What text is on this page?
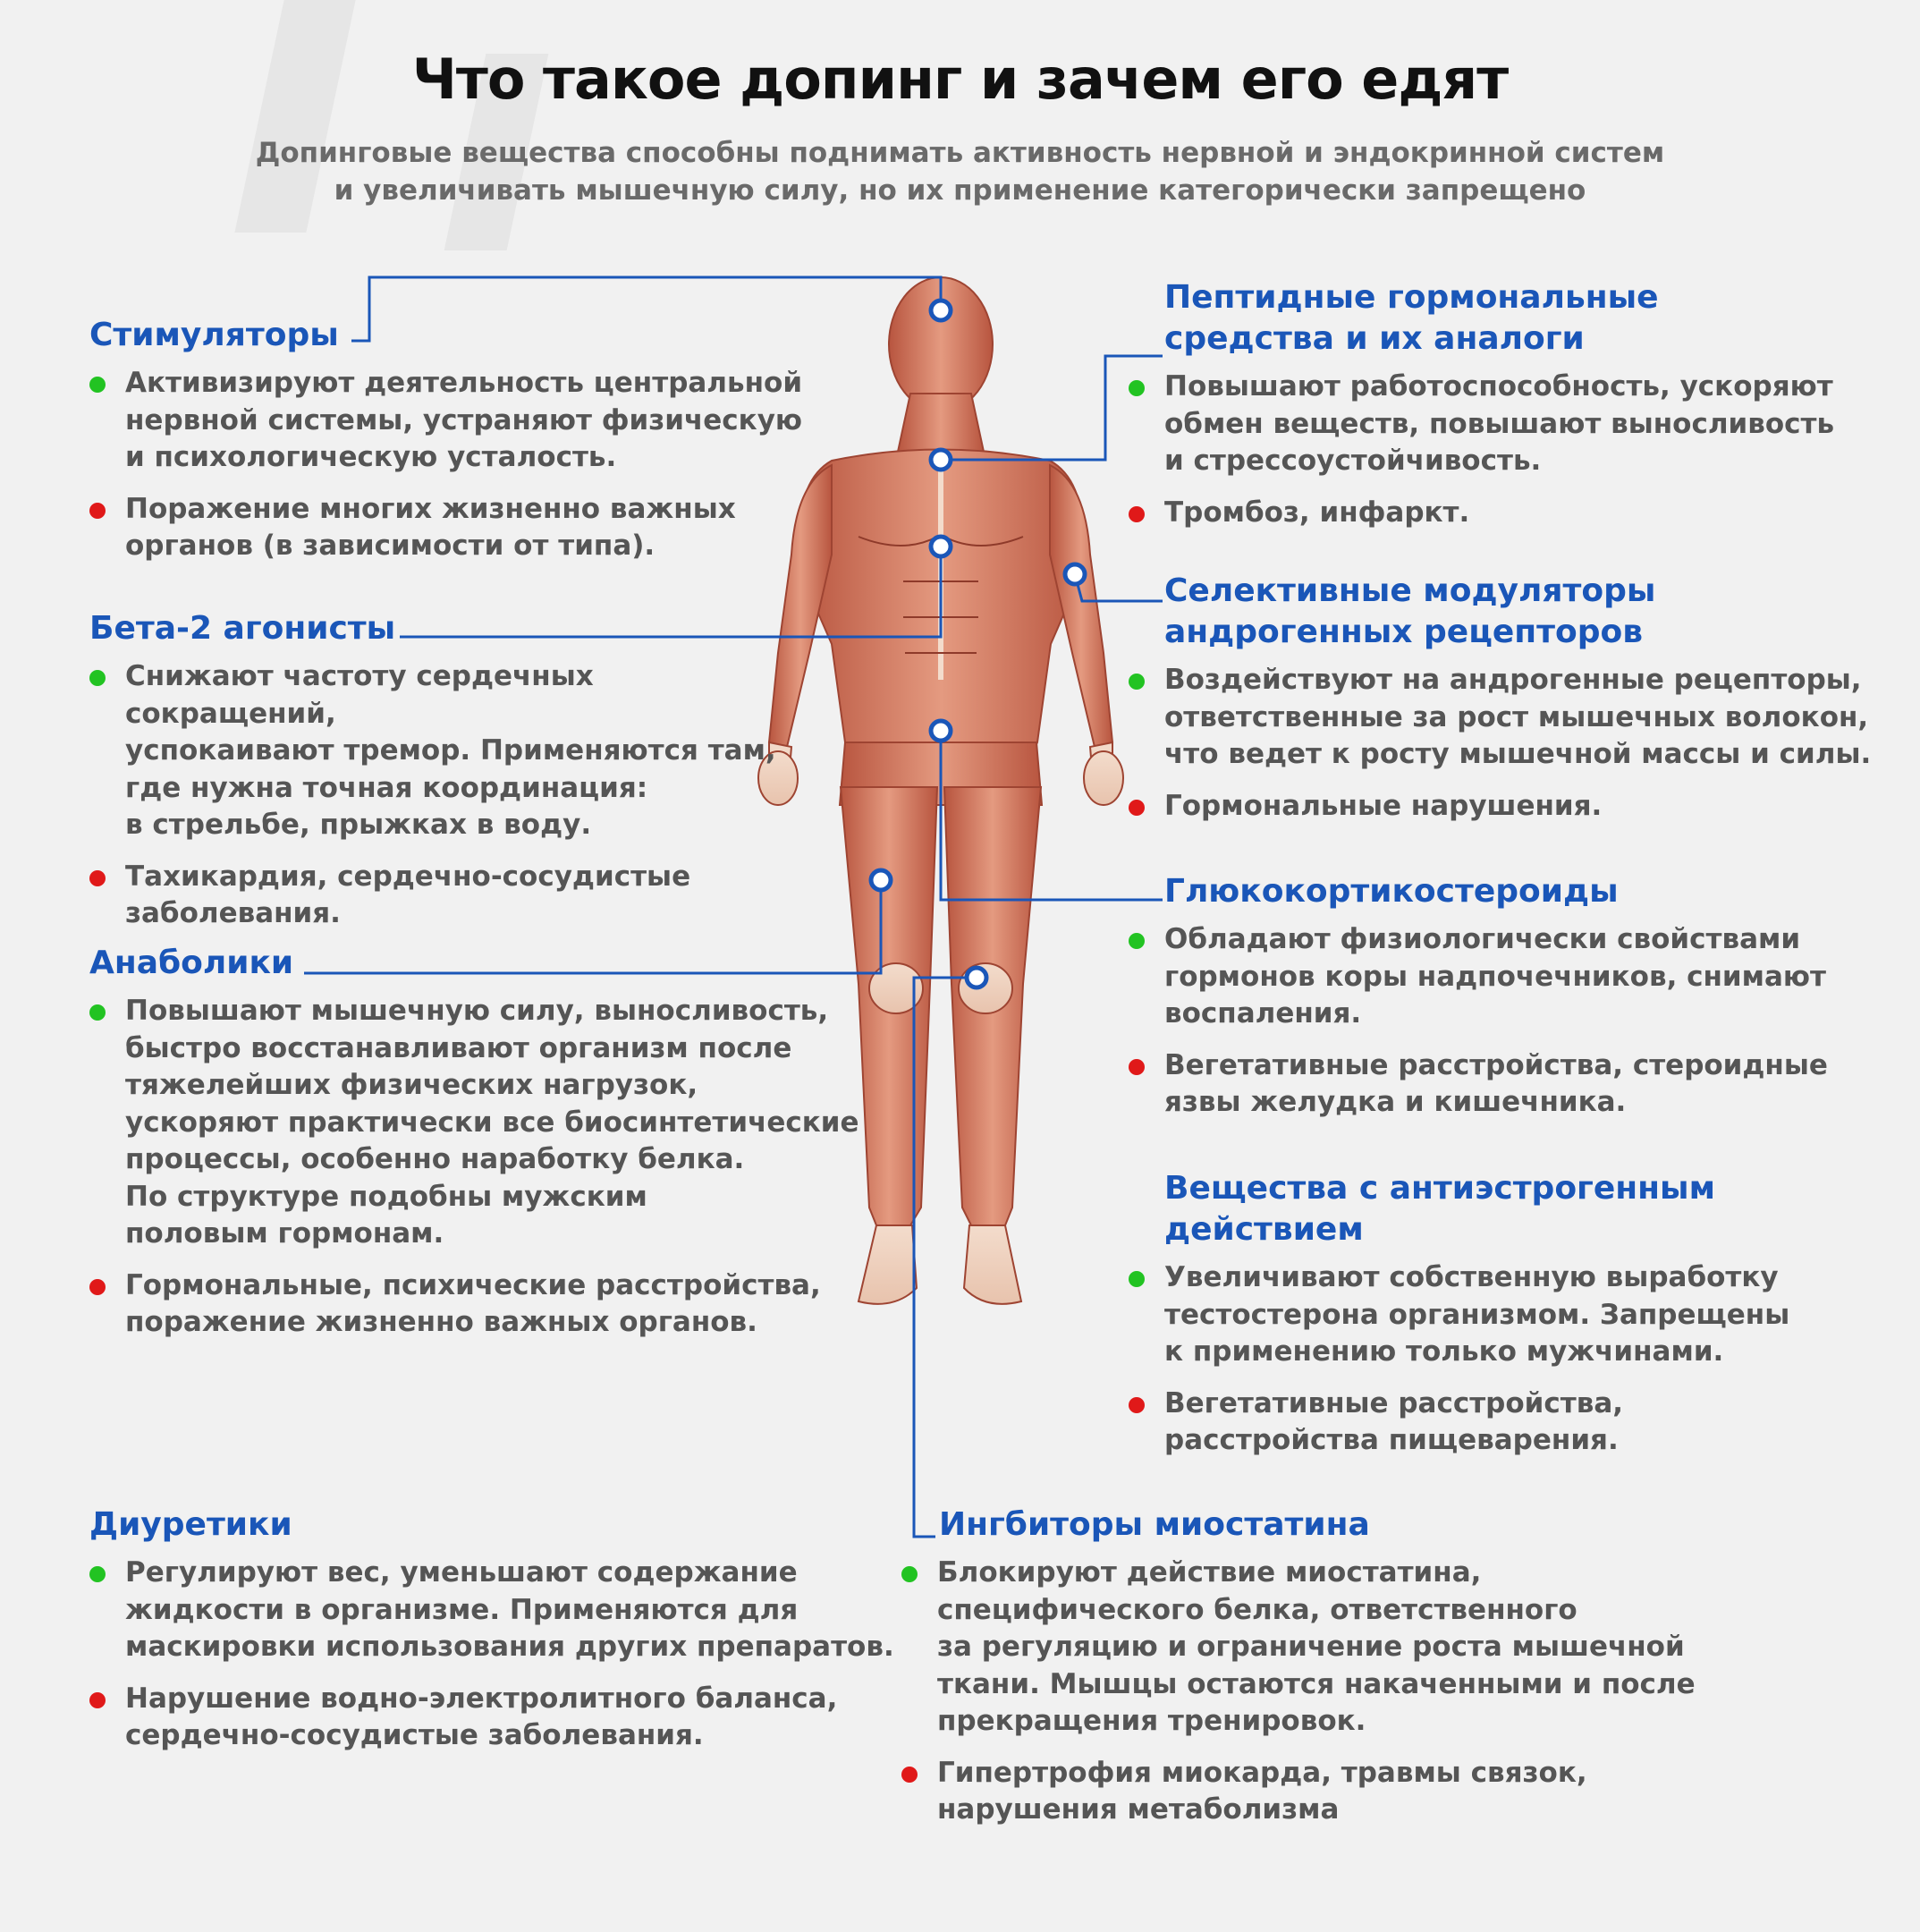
Что такое допинг и зачем его едят
Допинговые вещества способны поднимать активность нервной и эндокринной систем
и увеличивать мышечную силу, но их применение категорически запрещено
Стимуляторы
Активизируют деятельность центральной
нервной системы, устраняют физическую
и психологическую усталость.
Поражение многих жизненно важных
органов (в зависимости от типа).
Бета-2 агонисты
Снижают частоту сердечных сокращений,
успокаивают тремор. Применяются там,
где нужна точная координация:
в стрельбе, прыжках в воду.
Тахикардия, сердечно-сосудистые
заболевания.
Анаболики
Повышают мышечную силу, выносливость,
быстро восстанавливают организм после
тяжелейших физических нагрузок,
ускоряют практически все биосинтетические
процессы, особенно наработку белка.
По структуре подобны мужским
половым гормонам.
Гормональные, психические расстройства,
поражение жизненно важных органов.
Диуретики
Регулируют вес, уменьшают содержание
жидкости в организме. Применяются для
маскировки использования других препаратов.
Нарушение водно-электролитного баланса,
сердечно-сосудистые заболевания.
Пептидные гормональные
средства и их аналоги
Повышают работоспособность, ускоряют
обмен веществ, повышают выносливость
и стрессоустойчивость.
Тромбоз, инфаркт.
Селективные модуляторы
андрогенных рецепторов
Воздействуют на андрогенные рецепторы,
ответственные за рост мышечных волокон,
что ведет к росту мышечной массы и силы.
Гормональные нарушения.
Глюкокортикостероиды
Обладают физиологически свойствами
гормонов коры надпочечников, снимают
воспаления.
Вегетативные расстройства, стероидные
язвы желудка и кишечника.
Вещества с антиэстрогенным
действием
Увеличивают собственную выработку
тестостерона организмом. Запрещены
к применению только мужчинами.
Вегетативные расстройства,
расстройства пищеварения.
Ингбиторы миостатина
Блокируют действие миостатина,
специфического белка, ответственного
за регуляцию и ограничение роста мышечной
ткани. Мышцы остаются накаченными и после
прекращения тренировок.
Гипертрофия миокарда, травмы связок,
нарушения метаболизма
